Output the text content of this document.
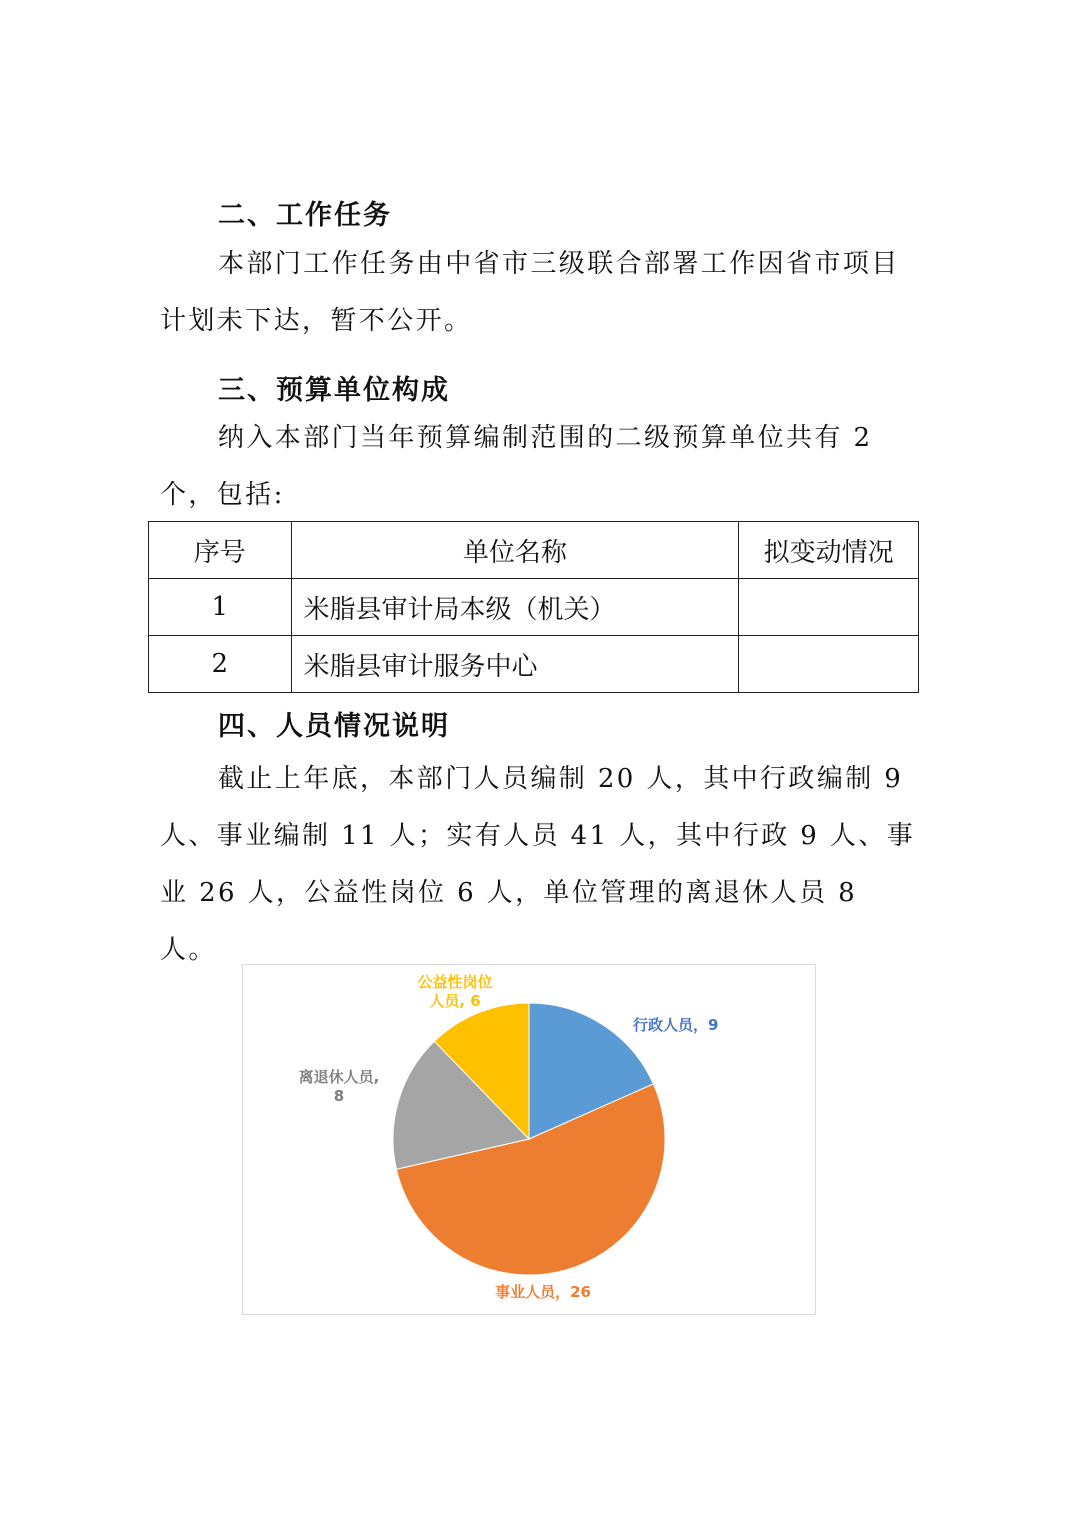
二、工作任务

本部门工作任务由中省市三级联合部署工作因省市项目计划未下达，暂不公开。

三、预算单位构成

纳入本部门当年预算编制范围的二级预算单位共有 2 个，包括:

序号	单位名称	拟变动情况
1	米脂县审计局本级（机关）	
2	米脂县审计服务中心	
四、人员情况说明

截止上年底，本部门人员编制 20 人，其中行政编制 9 人、事业编制 11 人；实有人员 41 人，其中行政 9 人、事业 26 人，公益性岗位 6 人，单位管理的离退休人员 8 人。

行政人员，9
事业人员，26
离退休人员, 8
公益性岗位人员, 6
